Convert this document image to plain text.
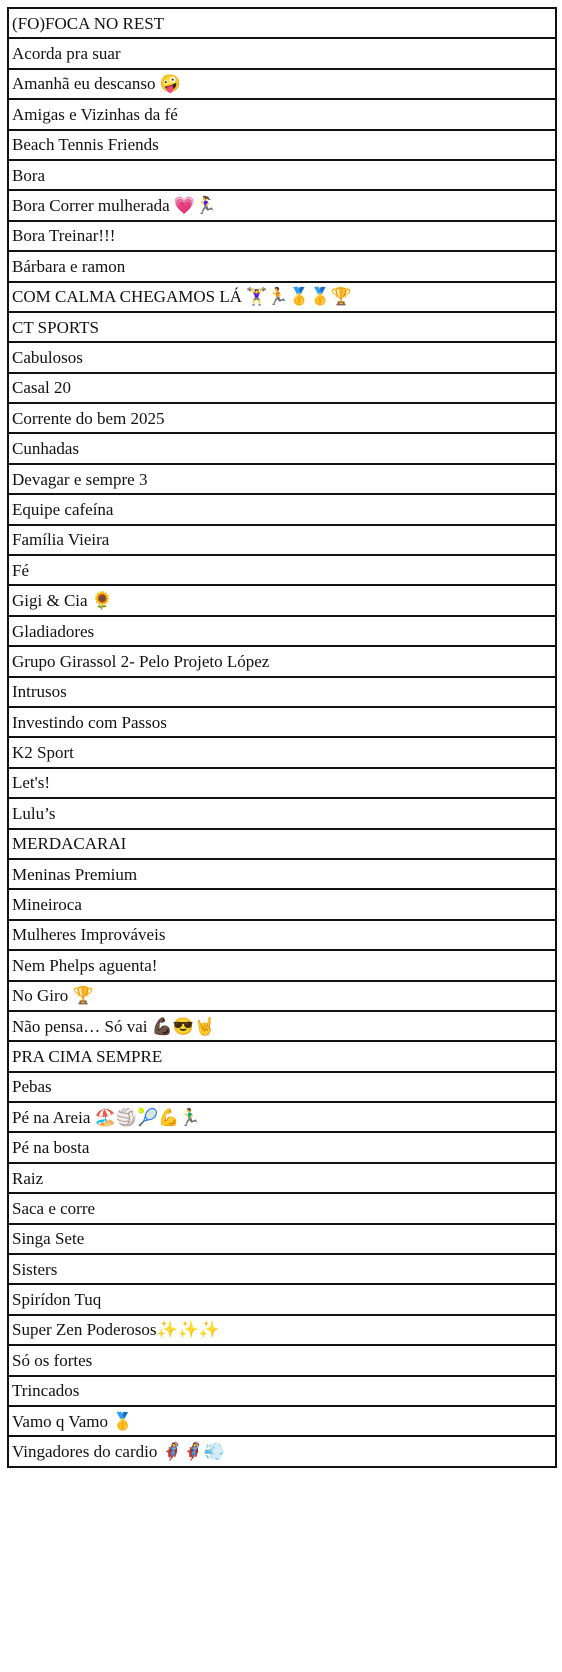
(FO)FOCA NO REST
Acorda pra suar
Amanhã eu descanso 🤪
Amigas e Vizinhas da fé
Beach Tennis Friends
Bora
Bora Correr mulherada 💗🏃‍♀️
Bora Treinar!!!
Bárbara e ramon
COM CALMA CHEGAMOS LÁ 🏋️‍♀️🏃🥇🥇🏆
CT SPORTS
Cabulosos
Casal 20
Corrente do bem 2025
Cunhadas
Devagar e sempre 3
Equipe cafeína
Família Vieira
Fé
Gigi & Cia 🌻
Gladiadores
Grupo Girassol 2- Pelo Projeto López
Intrusos
Investindo com Passos
K2 Sport
Let's!
Lulu’s
MERDACARAI
Meninas Premium
Mineiroca
Mulheres Improváveis
Nem Phelps aguenta!
No Giro 🏆
Não pensa… Só vai 💪🏿😎🤘
PRA CIMA SEMPRE
Pebas
Pé na Areia 🏖️🏐🎾💪🏃‍♂️
Pé na bosta
Raiz
Saca e corre
Singa Sete
Sisters
Spirídon Tuq
Super Zen Poderosos✨✨✨
Só os fortes
Trincados
Vamo q Vamo 🥇
Vingadores do cardio 🦸‍♀️🦸‍♀️💨
